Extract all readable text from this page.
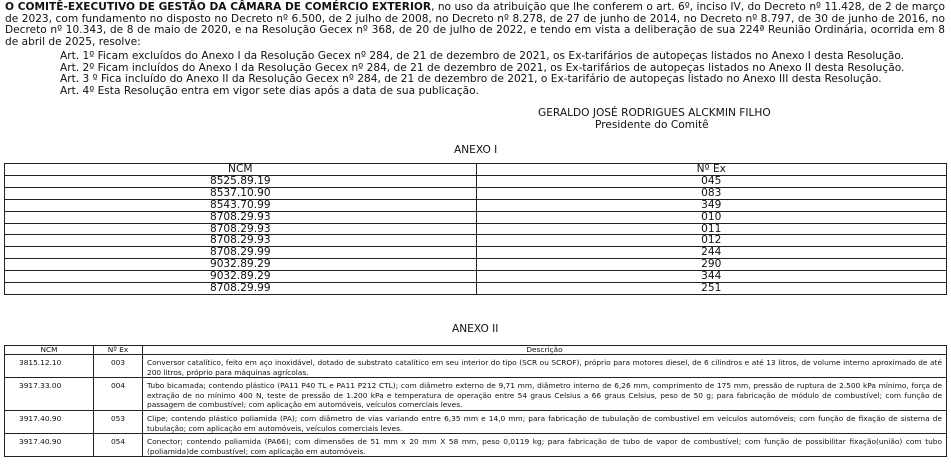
O COMITÊ-EXECUTIVO DE GESTÃO DA CÂMARA DE COMÉRCIO EXTERIOR, no uso da atribuição que lhe conferem o art. 6º, inciso IV, do Decreto nº 11.428, de 2 de março de 2023, com fundamento no disposto no Decreto nº 6.500, de 2 julho de 2008, no Decreto nº 8.278, de 27 de junho de 2014, no Decreto nº 8.797, de 30 de junho de 2016, no Decreto nº 10.343, de 8 de maio de 2020, e na Resolução Gecex nº 368, de 20 de julho de 2022, e tendo em vista a deliberação de sua 224ª Reunião Ordinária, ocorrida em 8 de abril de 2025, resolve:
Art. 1º Ficam excluídos do Anexo I da Resolução Gecex nº 284, de 21 de dezembro de 2021, os Ex-tarifários de autopeças listados no Anexo I desta Resolução.
Art. 2º Ficam incluídos do Anexo I da Resolução Gecex nº 284, de 21 de dezembro de 2021, os Ex-tarifários de autopeças listados no Anexo II desta Resolução.
Art. 3 º Fica incluído do Anexo II da Resolução Gecex nº 284, de 21 de dezembro de 2021, o Ex-tarifário de autopeças listado no Anexo III desta Resolução.
Art. 4º Esta Resolução entra em vigor sete dias após a data de sua publicação.
GERALDO JOSÉ RODRIGUES ALCKMIN FILHO
Presidente do Comitê
ANEXO I
NCM	Nº Ex
8525.89.19	045
8537.10.90	083
8543.70.99	349
8708.29.93	010
8708.29.93	011
8708.29.93	012
8708.29.99	244
9032.89.29	290
9032.89.29	344
8708.29.99	251
ANEXO II
NCM	Nº Ex	Descrição
3815.12.10	003	Conversor catalítico, feito em aço inoxidável, dotado de substrato catalítico em seu interior do tipo (SCR ou SCROF), próprio para motores diesel, de 6 cilindros e até 13 litros, de volume interno aproximado de até 200 litros, próprio para máquinas agrícolas.
3917.33.00	004	Tubo bicamada; contendo plástico (PA11 P40 TL e PA11 P212 CTL); com diâmetro externo de 9,71 mm, diâmetro interno de 6,26 mm, comprimento de 175 mm, pressão de ruptura de 2.500 kPa mínimo, força de extração de no mínimo 400 N, teste de pressão de 1.200 kPa e temperatura de operação entre 54 graus Celsius a 66 graus Celsius, peso de 50 g; para fabricação de módulo de combustível; com função de passagem de combustível; com aplicação em automóveis, veículos comerciais leves.
3917.40.90	053	Clipe; contendo plástico poliamida (PA); com diâmetro de vias variando entre 6,35 mm e 14,0 mm; para fabricação de tubulação de combustível em veículos automóveis; com função de fixação de sistema de tubulação; com aplicação em automóveis, veículos comerciais leves.
3917.40.90	054	Conector; contendo poliamida (PA66); com dimensões de 51 mm x 20 mm X 58 mm, peso 0,0119 kg; para fabricação de tubo de vapor de combustível; com função de possibilitar fixação(união) com tubo (poliamida)de combustível; com aplicação em automóveis.
